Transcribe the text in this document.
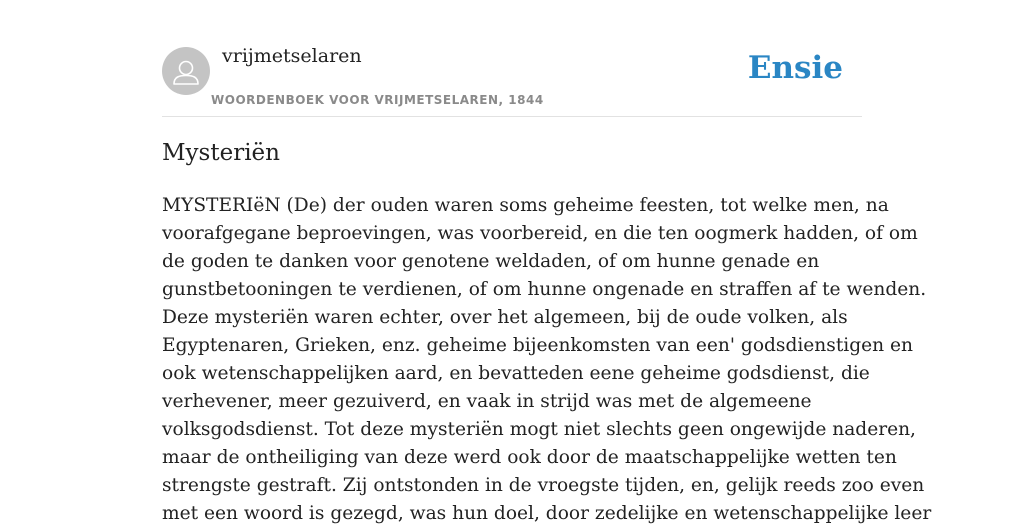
vrijmetselaren
WOORDENBOEK VOOR VRIJMETSELAREN, 1844
Ensie
Mysteriën
MYSTERIëN (De) der ouden waren soms geheime feesten, tot welke men, na
voorafgegane beproevingen, was voorbereid, en die ten oogmerk hadden, of om
de goden te danken voor genotene weldaden, of om hunne genade en
gunstbetooningen te verdienen, of om hunne ongenade en straffen af te wenden.
Deze mysteriën waren echter, over het algemeen, bij de oude volken, als
Egyptenaren, Grieken, enz. geheime bijeenkomsten van een' godsdienstigen en
ook wetenschappelijken aard, en bevatteden eene geheime godsdienst, die
verhevener, meer gezuiverd, en vaak in strijd was met de algemeene
volksgodsdienst. Tot deze mysteriën mogt niet slechts geen ongewijde naderen,
maar de ontheiliging van deze werd ook door de maatschappelijke wetten ten
strengste gestraft. Zij ontstonden in de vroegste tijden, en, gelijk reeds zoo even
met een woord is gezegd, was hun doel, door zedelijke en wetenschappelijke leer
